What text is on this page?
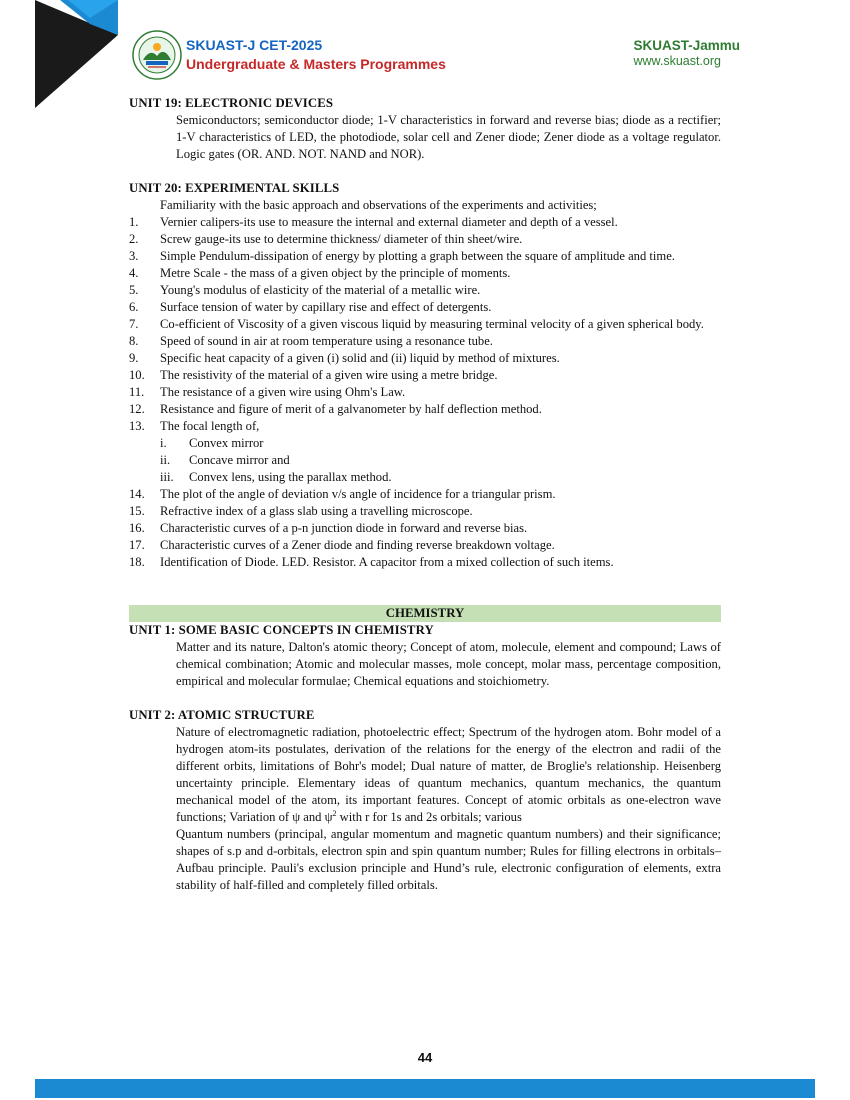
SKUAST-J CET-2025
Undergraduate & Masters Programmes
SKUAST-Jammu
www.skuast.org
UNIT 19: ELECTRONIC DEVICES
Semiconductors; semiconductor diode; 1-V characteristics in forward and reverse bias; diode as a rectifier; 1-V characteristics of LED, the photodiode, solar cell and Zener diode; Zener diode as a voltage regulator. Logic gates (OR. AND. NOT. NAND and NOR).
UNIT 20: EXPERIMENTAL SKILLS
Familiarity with the basic approach and observations of the experiments and activities;
1. Vernier calipers-its use to measure the internal and external diameter and depth of a vessel.
2. Screw gauge-its use to determine thickness/ diameter of thin sheet/wire.
3. Simple Pendulum-dissipation of energy by plotting a graph between the square of amplitude and time.
4. Metre Scale - the mass of a given object by the principle of moments.
5. Young's modulus of elasticity of the material of a metallic wire.
6. Surface tension of water by capillary rise and effect of detergents.
7. Co-efficient of Viscosity of a given viscous liquid by measuring terminal velocity of a given spherical body.
8. Speed of sound in air at room temperature using a resonance tube.
9. Specific heat capacity of a given (i) solid and (ii) liquid by method of mixtures.
10. The resistivity of the material of a given wire using a metre bridge.
11. The resistance of a given wire using Ohm's Law.
12. Resistance and figure of merit of a galvanometer by half deflection method.
13. The focal length of,
i. Convex mirror
ii. Concave mirror and
iii. Convex lens, using the parallax method.
14. The plot of the angle of deviation v/s angle of incidence for a triangular prism.
15. Refractive index of a glass slab using a travelling microscope.
16. Characteristic curves of a p-n junction diode in forward and reverse bias.
17. Characteristic curves of a Zener diode and finding reverse breakdown voltage.
18. Identification of Diode. LED. Resistor. A capacitor from a mixed collection of such items.
CHEMISTRY
UNIT 1: SOME BASIC CONCEPTS IN CHEMISTRY
Matter and its nature, Dalton's atomic theory; Concept of atom, molecule, element and compound; Laws of chemical combination; Atomic and molecular masses, mole concept, molar mass, percentage composition, empirical and molecular formulae; Chemical equations and stoichiometry.
UNIT 2: ATOMIC STRUCTURE
Nature of electromagnetic radiation, photoelectric effect; Spectrum of the hydrogen atom. Bohr model of a hydrogen atom-its postulates, derivation of the relations for the energy of the electron and radii of the different orbits, limitations of Bohr's model; Dual nature of matter, de Broglie's relationship. Heisenberg uncertainty principle. Elementary ideas of quantum mechanics, quantum mechanics, the quantum mechanical model of the atom, its important features. Concept of atomic orbitals as one-electron wave functions; Variation of ψ and $\psi^2$ with r for 1s and 2s orbitals; various
Quantum numbers (principal, angular momentum and magnetic quantum numbers) and their significance; shapes of s.p and d-orbitals, electron spin and spin quantum number; Rules for filling electrons in orbitals–Aufbau principle. Pauli's exclusion principle and Hund’s rule, electronic configuration of elements, extra stability of half-filled and completely filled orbitals.
44
